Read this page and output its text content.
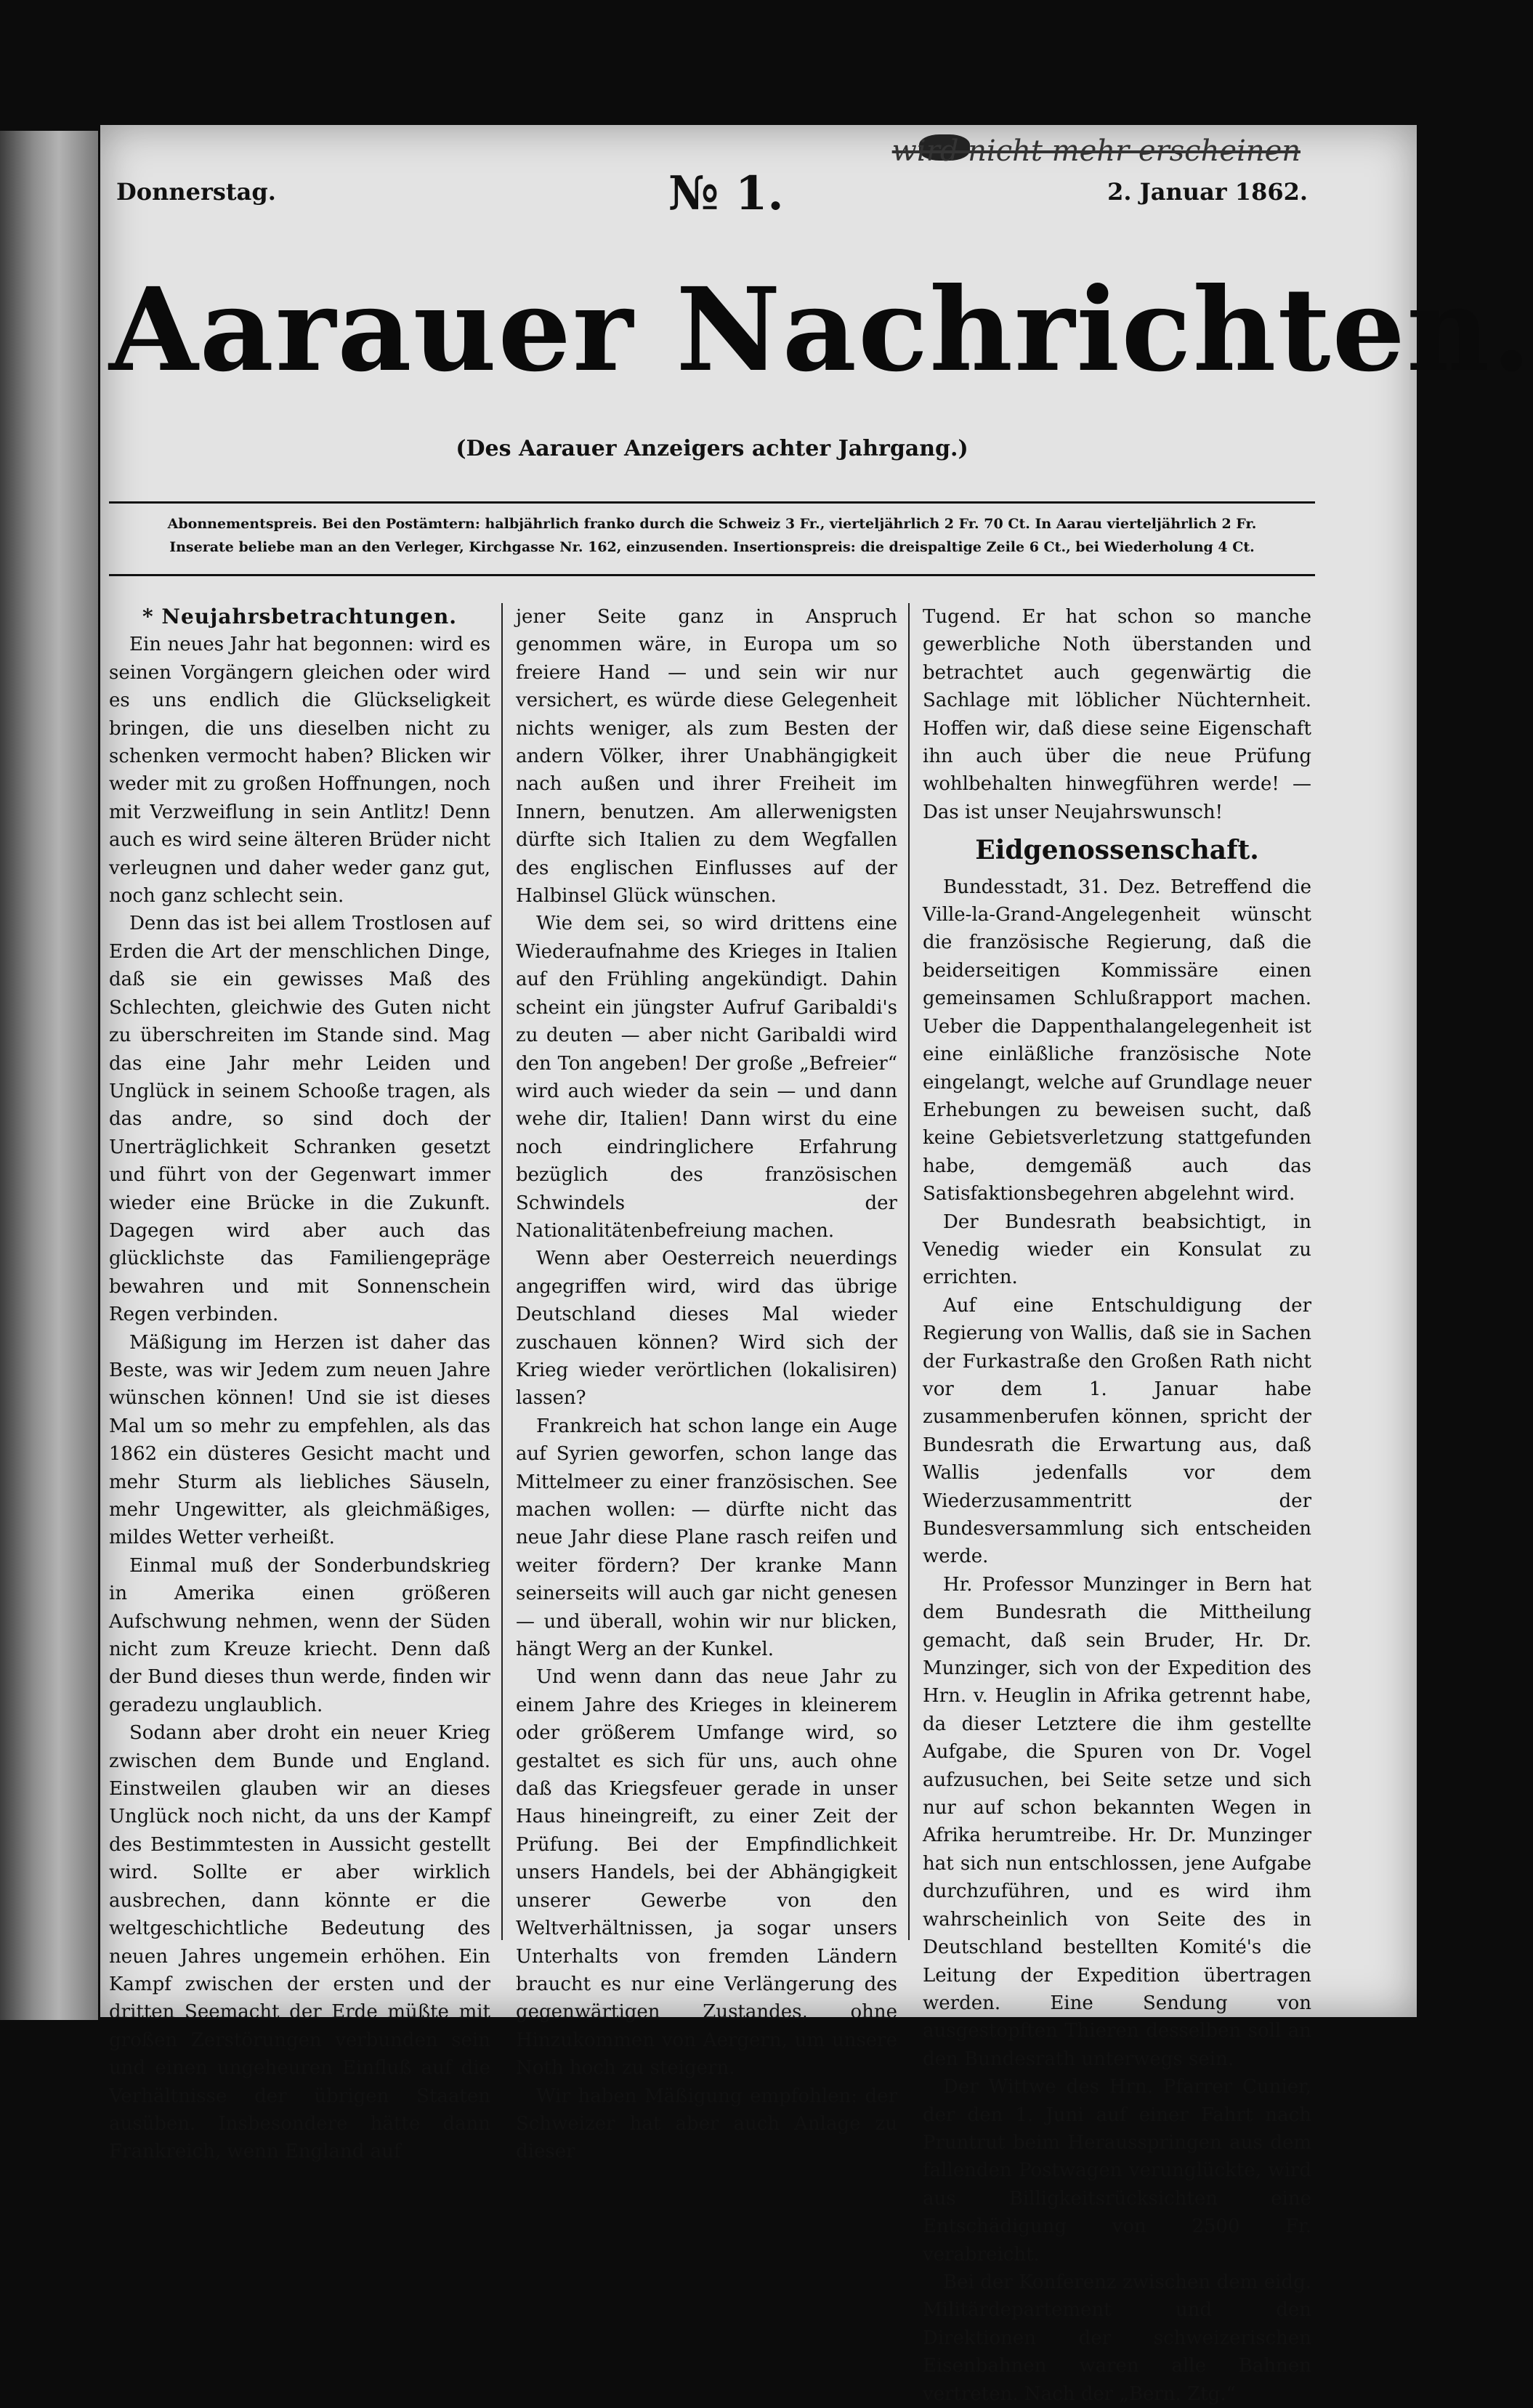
wird nicht mehr erscheinen
Donnerstag.	№ 1.	2. Januar 1862.
Aarauer Nachrichten.
(Des Aarauer Anzeigers achter Jahrgang.)
Abonnementspreis. Bei den Postämtern: halbjährlich franko durch die Schweiz 3 Fr., vierteljährlich 2 Fr. 70 Ct. In Aarau vierteljährlich 2 Fr.
Inserate beliebe man an den Verleger, Kirchgasse Nr. 162, einzusenden. Insertionspreis: die dreispaltige Zeile 6 Ct., bei Wiederholung 4 Ct.
* Neujahrsbetrachtungen.

Ein neues Jahr hat begonnen: wird es seinen Vorgängern gleichen oder wird es uns endlich die Glückseligkeit bringen, die uns dieselben nicht zu schenken vermocht haben? Blicken wir weder mit zu großen Hoffnungen, noch mit Verzweiflung in sein Antlitz! Denn auch es wird seine älteren Brüder nicht verleugnen und daher weder ganz gut, noch ganz schlecht sein.

Denn das ist bei allem Trostlosen auf Erden die Art der menschlichen Dinge, daß sie ein gewisses Maß des Schlechten, gleichwie des Guten nicht zu überschreiten im Stande sind. Mag das eine Jahr mehr Leiden und Unglück in seinem Schooße tragen, als das andre, so sind doch der Unerträglichkeit Schranken gesetzt und führt von der Gegenwart immer wieder eine Brücke in die Zukunft. Dagegen wird aber auch das glücklichste das Familiengepräge bewahren und mit Sonnenschein Regen verbinden.

Mäßigung im Herzen ist daher das Beste, was wir Jedem zum neuen Jahre wünschen können! Und sie ist dieses Mal um so mehr zu empfehlen, als das 1862 ein düsteres Gesicht macht und mehr Sturm als liebliches Säuseln, mehr Ungewitter, als gleichmäßiges, mildes Wetter verheißt.

Einmal muß der Sonderbundskrieg in Amerika einen größeren Aufschwung nehmen, wenn der Süden nicht zum Kreuze kriecht. Denn daß der Bund dieses thun werde, finden wir geradezu unglaublich.

Sodann aber droht ein neuer Krieg zwischen dem Bunde und England. Einstweilen glauben wir an dieses Unglück noch nicht, da uns der Kampf des Bestimmtesten in Aussicht gestellt wird. Sollte er aber wirklich ausbrechen, dann könnte er die weltgeschichtliche Bedeutung des neuen Jahres ungemein erhöhen. Ein Kampf zwischen der ersten und der dritten Seemacht der Erde müßte mit großen Zerstörungen verbunden sein und einen ungeheuren Einfluß auf die Verhältnisse der übrigen Staaten ausüben. Insbesondere hätte dann Frankreich, wenn England auf

jener Seite ganz in Anspruch genommen wäre, in Europa um so freiere Hand — und sein wir nur versichert, es würde diese Gelegenheit nichts weniger, als zum Besten der andern Völker, ihrer Unabhängigkeit nach außen und ihrer Freiheit im Innern, benutzen. Am allerwenigsten dürfte sich Italien zu dem Wegfallen des englischen Einflusses auf der Halbinsel Glück wünschen.

Wie dem sei, so wird drittens eine Wiederaufnahme des Krieges in Italien auf den Frühling angekündigt. Dahin scheint ein jüngster Aufruf Garibaldi's zu deuten — aber nicht Garibaldi wird den Ton angeben! Der große „Befreier“ wird auch wieder da sein — und dann wehe dir, Italien! Dann wirst du eine noch eindringlichere Erfahrung bezüglich des französischen Schwindels der Nationalitätenbefreiung machen.

Wenn aber Oesterreich neuerdings angegriffen wird, wird das übrige Deutschland dieses Mal wieder zuschauen können? Wird sich der Krieg wieder verörtlichen (lokalisiren) lassen?

Frankreich hat schon lange ein Auge auf Syrien geworfen, schon lange das Mittelmeer zu einer französischen. See machen wollen: — dürfte nicht das neue Jahr diese Plane rasch reifen und weiter fördern? Der kranke Mann seinerseits will auch gar nicht genesen — und überall, wohin wir nur blicken, hängt Werg an der Kunkel.

Und wenn dann das neue Jahr zu einem Jahre des Krieges in kleinerem oder größerem Umfange wird, so gestaltet es sich für uns, auch ohne daß das Kriegsfeuer gerade in unser Haus hineingreift, zu einer Zeit der Prüfung. Bei der Empfindlichkeit unsers Handels, bei der Abhängigkeit unserer Gewerbe von den Weltverhältnissen, ja sogar unsers Unterhalts von fremden Ländern braucht es nur eine Verlängerung des gegenwärtigen Zustandes, ohne Hinzukommen von Aergern, um unsere Noth hoch zu steigern.

Wir haben Mäßigung empfohlen: der Schweizer hat aber auch Anlage zu dieser

Tugend. Er hat schon so manche gewerbliche Noth überstanden und betrachtet auch gegenwärtig die Sachlage mit löblicher Nüchternheit. Hoffen wir, daß diese seine Eigenschaft ihn auch über die neue Prüfung wohlbehalten hinwegführen werde! — Das ist unser Neujahrswunsch!

Eidgenossenschaft.

Bundesstadt, 31. Dez. Betreffend die Ville-la-Grand-Angelegenheit wünscht die französische Regierung, daß die beiderseitigen Kommissäre einen gemeinsamen Schlußrapport machen. Ueber die Dappenthalangelegenheit ist eine einläßliche französische Note eingelangt, welche auf Grundlage neuer Erhebungen zu beweisen sucht, daß keine Gebietsverletzung stattgefunden habe, demgemäß auch das Satisfaktionsbegehren abgelehnt wird.

Der Bundesrath beabsichtigt, in Venedig wieder ein Konsulat zu errichten.

Auf eine Entschuldigung der Regierung von Wallis, daß sie in Sachen der Furkastraße den Großen Rath nicht vor dem 1. Januar habe zusammenberufen können, spricht der Bundesrath die Erwartung aus, daß Wallis jedenfalls vor dem Wiederzusammentritt der Bundesversammlung sich entscheiden werde.

Hr. Professor Munzinger in Bern hat dem Bundesrath die Mittheilung gemacht, daß sein Bruder, Hr. Dr. Munzinger, sich von der Expedition des Hrn. v. Heuglin in Afrika getrennt habe, da dieser Letztere die ihm gestellte Aufgabe, die Spuren von Dr. Vogel aufzusuchen, bei Seite setze und sich nur auf schon bekannten Wegen in Afrika herumtreibe. Hr. Dr. Munzinger hat sich nun entschlossen, jene Aufgabe durchzuführen, und es wird ihm wahrscheinlich von Seite des in Deutschland bestellten Komité's die Leitung der Expedition übertragen werden. Eine Sendung von ausgestopften Thieren desselben soll an den Bundesrath unterwegs sein.

Der Wittwe des Hrn. Pfarrer Cunier, der den 1. Juni auf einer Fahrt nach Pruntrut beim Herausspringen aus dem fallenden Postwagen verunglückte, wird aus Billigkeitsrücksichten eine Entschädigung von 2500 Fr. verabreicht.

Bei der Konferenz zwischen dem eidg. Militärdepartement und den Direktionen der schweizerischen Eisenbahnen waren alle Bahnen vertreten. Nach der „Bern. Ztg.“
